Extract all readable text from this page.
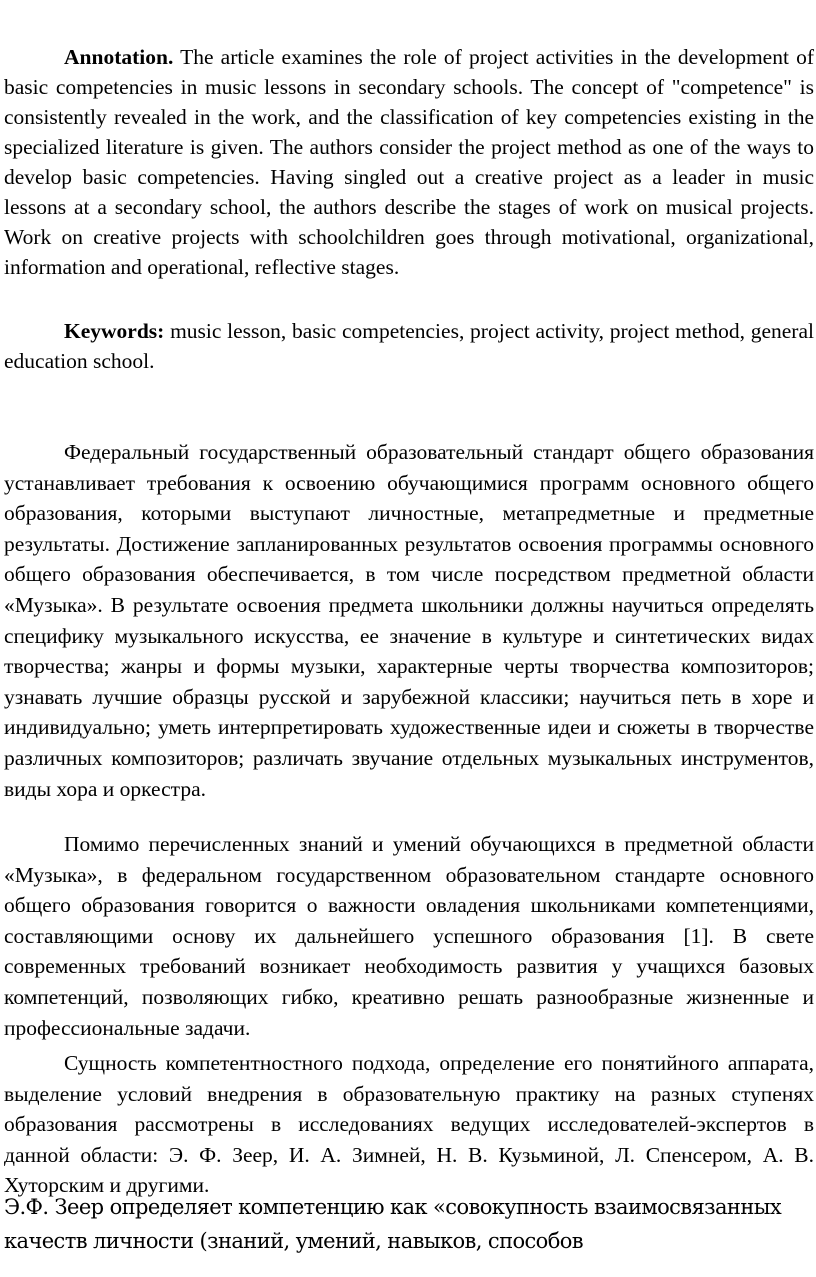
Annotation. The article examines the role of project activities in the development of basic competencies in music lessons in secondary schools. The concept of "competence" is consistently revealed in the work, and the classification of key competencies existing in the specialized literature is given. The authors consider the project method as one of the ways to develop basic competencies. Having singled out a creative project as a leader in music lessons at a secondary school, the authors describe the stages of work on musical projects. Work on creative projects with schoolchildren goes through motivational, organizational, information and operational, reflective stages.

Keywords: music lesson, basic competencies, project activity, project method, general education school.

Федеральный государственный образовательный стандарт общего образования устанавливает требования к освоению обучающимися программ основного общего образования, которыми выступают личностные, метапредметные и предметные результаты. Достижение запланированных результатов освоения программы основного общего образования обеспечивается, в том числе посредством предметной области «Музыка». В результате освоения предмета школьники должны научиться определять специфику музыкального искусства, ее значение в культуре и синтетических видах творчества; жанры и формы музыки, характерные черты творчества композиторов; узнавать лучшие образцы русской и зарубежной классики; научиться петь в хоре и индивидуально; уметь интерпретировать художественные идеи и сюжеты в творчестве различных композиторов; различать звучание отдельных музыкальных инструментов, виды хора и оркестра.

Помимо перечисленных знаний и умений обучающихся в предметной области «Музыка», в федеральном государственном образовательном стандарте основного общего образования говорится о важности овладения школьниками компетенциями, составляющими основу их дальнейшего успешного образования [1]. В свете современных требований возникает необходимость развития у учащихся базовых компетенций, позволяющих гибко, креативно решать разнообразные жизненные и профессиональные задачи.

Сущность компетентностного подхода, определение его понятийного аппарата, выделение условий внедрения в образовательную практику на разных ступенях образования рассмотрены в исследованиях ведущих исследователей-экспертов в данной области: Э. Ф. Зеер, И. А. Зимней, Н. В. Кузьминой, Л. Спенсером, А. В. Хуторским и другими.

Э.Ф. Зеер определяет компетенцию как «совокупность взаимосвязанных
качеств личности (знаний, умений, навыков, способов
